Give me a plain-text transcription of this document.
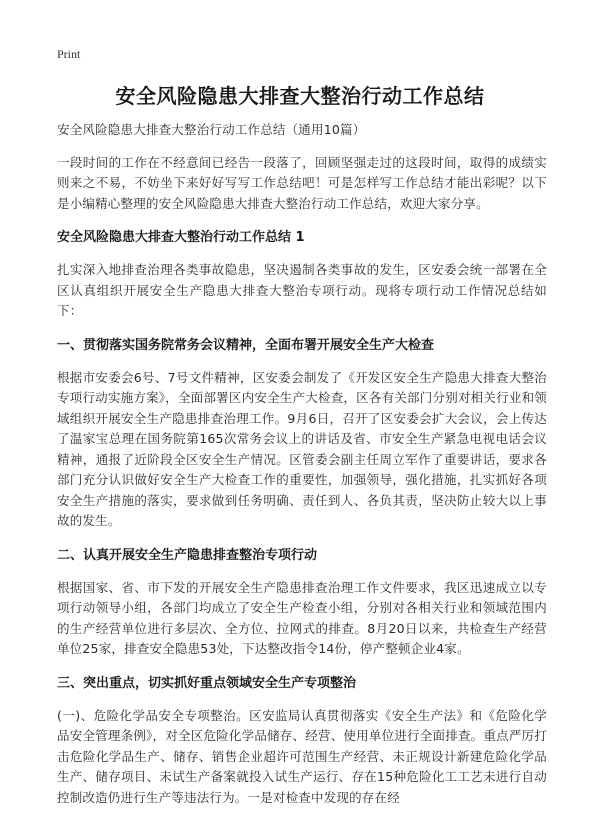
Print
安全风险隐患大排查大整治行动工作总结

安全风险隐患大排查大整治行动工作总结（通用10篇）

一段时间的工作在不经意间已经告一段落了，回顾坚强走过的这段时间，取得的成绩实则来之不易，不妨坐下来好好写写工作总结吧！可是怎样写工作总结才能出彩呢？以下是小编精心整理的安全风险隐患大排查大整治行动工作总结，欢迎大家分享。

安全风险隐患大排查大整治行动工作总结 1

扎实深入地排查治理各类事故隐患，坚决遏制各类事故的发生，区安委会统一部署在全区认真组织开展安全生产隐患大排查大整治专项行动。现将专项行动工作情况总结如下：

一、贯彻落实国务院常务会议精神，全面布署开展安全生产大检查

根据市安委会6号、7号文件精神，区安委会制发了《开发区安全生产隐患大排查大整治专项行动实施方案》，全面部署区内安全生产大检查，区各有关部门分别对相关行业和领域组织开展安全生产隐患排查治理工作。9月6日，召开了区安委会扩大会议，会上传达了温家宝总理在国务院第165次常务会议上的讲话及省、市安全生产紧急电视电话会议精神，通报了近阶段全区安全生产情况。区管委会副主任周立军作了重要讲话，要求各部门充分认识做好安全生产大检查工作的重要性，加强领导，强化措施，扎实抓好各项安全生产措施的落实，要求做到任务明确、责任到人、各负其责，坚决防止较大以上事故的发生。

二、认真开展安全生产隐患排查整治专项行动

根据国家、省、市下发的开展安全生产隐患排查治理工作文件要求，我区迅速成立以专项行动领导小组，各部门均成立了安全生产检查小组，分别对各相关行业和领域范围内的生产经营单位进行多层次、全方位、拉网式的排查。8月20日以来，共检查生产经营单位25家，排查安全隐患53处，下达整改指令14份，停产整顿企业4家。

三、突出重点，切实抓好重点领域安全生产专项整治

(一)、危险化学品安全专项整治。区安监局认真贯彻落实《安全生产法》和《危险化学品安全管理条例》，对全区危险化学品储存、经营、使用单位进行全面排查。重点严厉打击危险化学品生产、储存、销售企业超许可范围生产经营、未正规设计新建危险化学品生产、储存项目、未试生产备案就投入试生产运行、存在15种危险化工工艺未进行自动控制改造仍进行生产等违法行为。一是对检查中发现的存在经
